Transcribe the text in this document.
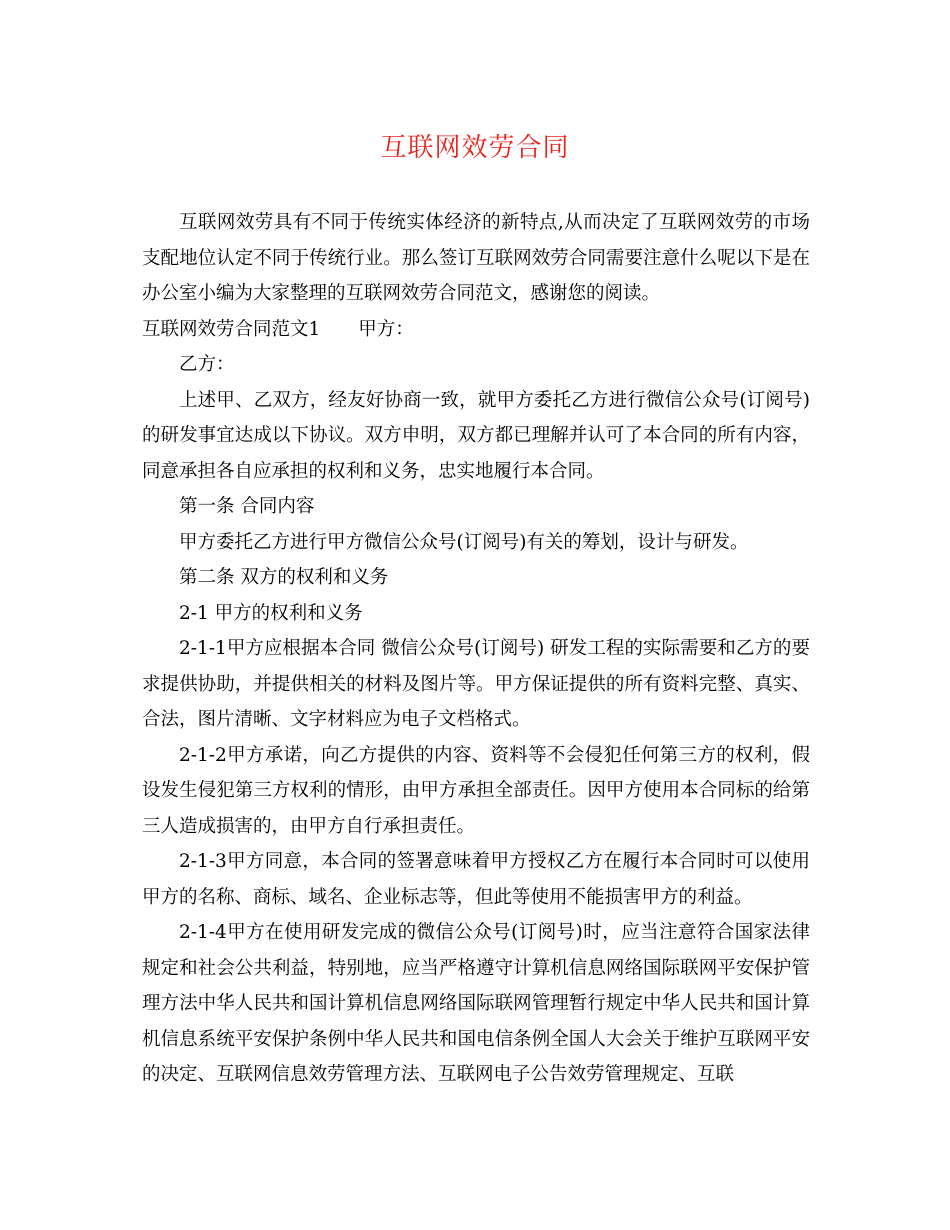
互联网效劳合同

互联网效劳具有不同于传统实体经济的新特点,从而决定了互联网效劳的市场支配地位认定不同于传统行业。那么签订互联网效劳合同需要注意什么呢以下是在办公室小编为大家整理的互联网效劳合同范文，感谢您的阅读。

互联网效劳合同范文1 甲方：

乙方：

上述甲、乙双方，经友好协商一致，就甲方委托乙方进行微信公众号(订阅号)的研发事宜达成以下协议。双方申明，双方都已理解并认可了本合同的所有内容，同意承担各自应承担的权利和义务，忠实地履行本合同。

第一条 合同内容

甲方委托乙方进行甲方微信公众号(订阅号)有关的筹划，设计与研发。

第二条 双方的权利和义务

2-1 甲方的权利和义务

2-1-1甲方应根据本合同 微信公众号(订阅号) 研发工程的实际需要和乙方的要求提供协助，并提供相关的材料及图片等。甲方保证提供的所有资料完整、真实、合法，图片清晰、文字材料应为电子文档格式。

2-1-2甲方承诺，向乙方提供的内容、资料等不会侵犯任何第三方的权利，假设发生侵犯第三方权利的情形，由甲方承担全部责任。因甲方使用本合同标的给第三人造成损害的，由甲方自行承担责任。

2-1-3甲方同意，本合同的签署意味着甲方授权乙方在履行本合同时可以使用甲方的名称、商标、域名、企业标志等，但此等使用不能损害甲方的利益。

2-1-4甲方在使用研发完成的微信公众号(订阅号)时，应当注意符合国家法律规定和社会公共利益，特别地，应当严格遵守计算机信息网络国际联网平安保护管理方法中华人民共和国计算机信息网络国际联网管理暂行规定中华人民共和国计算机信息系统平安保护条例中华人民共和国电信条例全国人大会关于维护互联网平安的决定、互联网信息效劳管理方法、互联网电子公告效劳管理规定、互联
